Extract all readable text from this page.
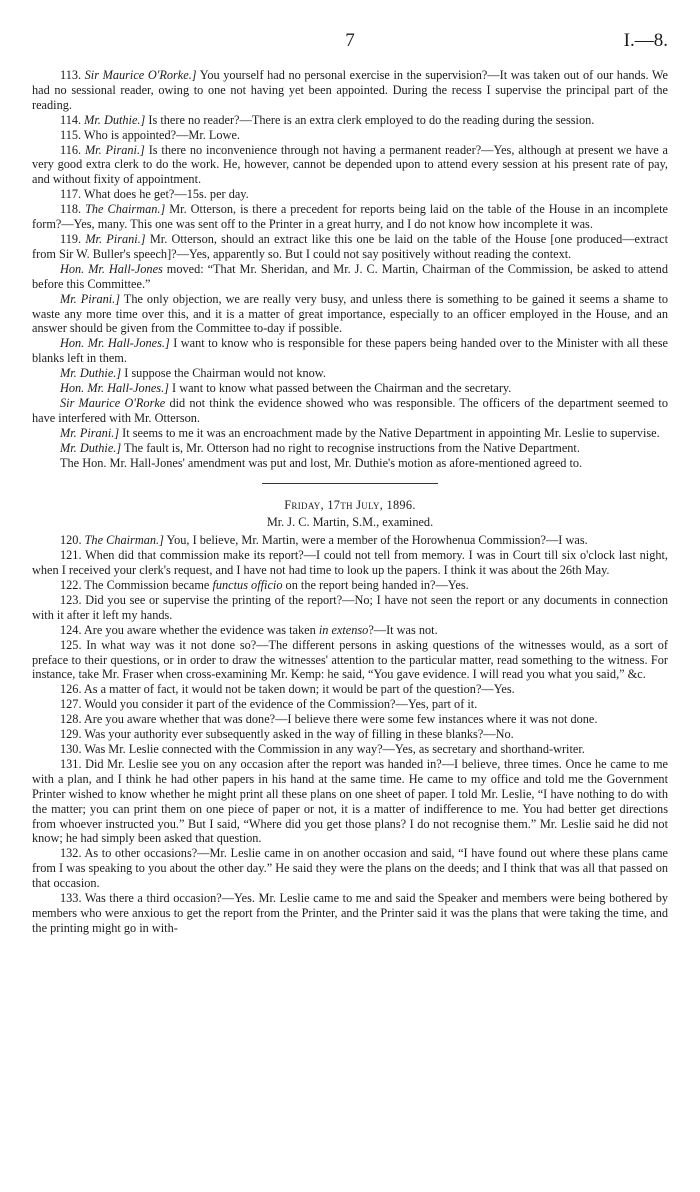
7	I.—8.

113. Sir Maurice O'Rorke.] You yourself had no personal exercise in the supervision?—It was taken out of our hands. We had no sessional reader, owing to one not having yet been appointed. During the recess I supervise the principal part of the reading.

114. Mr. Duthie.] Is there no reader?—There is an extra clerk employed to do the reading during the session.

115. Who is appointed?—Mr. Lowe.

116. Mr. Pirani.] Is there no inconvenience through not having a permanent reader?—Yes, although at present we have a very good extra clerk to do the work. He, however, cannot be depended upon to attend every session at his present rate of pay, and without fixity of appointment.

117. What does he get?—15s. per day.

118. The Chairman.] Mr. Otterson, is there a precedent for reports being laid on the table of the House in an incomplete form?—Yes, many. This one was sent off to the Printer in a great hurry, and I do not know how incomplete it was.

119. Mr. Pirani.] Mr. Otterson, should an extract like this one be laid on the table of the House [one produced—extract from Sir W. Buller's speech]?—Yes, apparently so. But I could not say positively without reading the context.

Hon. Mr. Hall-Jones moved: “That Mr. Sheridan, and Mr. J. C. Martin, Chairman of the Commission, be asked to attend before this Committee.”

Mr. Pirani.] The only objection, we are really very busy, and unless there is something to be gained it seems a shame to waste any more time over this, and it is a matter of great importance, especially to an officer employed in the House, and an answer should be given from the Committee to-day if possible.

Hon. Mr. Hall-Jones.] I want to know who is responsible for these papers being handed over to the Minister with all these blanks left in them.

Mr. Duthie.] I suppose the Chairman would not know.

Hon. Mr. Hall-Jones.] I want to know what passed between the Chairman and the secretary.

Sir Maurice O'Rorke did not think the evidence showed who was responsible. The officers of the department seemed to have interfered with Mr. Otterson.

Mr. Pirani.] It seems to me it was an encroachment made by the Native Department in appointing Mr. Leslie to supervise.

Mr. Duthie.] The fault is, Mr. Otterson had no right to recognise instructions from the Native Department.

The Hon. Mr. Hall-Jones' amendment was put and lost, Mr. Duthie's motion as afore-mentioned agreed to.

Friday, 17th July, 1896.

Mr. J. C. Martin, S.M., examined.

120. The Chairman.] You, I believe, Mr. Martin, were a member of the Horowhenua Commission?—I was.

121. When did that commission make its report?—I could not tell from memory. I was in Court till six o'clock last night, when I received your clerk's request, and I have not had time to look up the papers. I think it was about the 26th May.

122. The Commission became functus officio on the report being handed in?—Yes.

123. Did you see or supervise the printing of the report?—No; I have not seen the report or any documents in connection with it after it left my hands.

124. Are you aware whether the evidence was taken in extenso?—It was not.

125. In what way was it not done so?—The different persons in asking questions of the witnesses would, as a sort of preface to their questions, or in order to draw the witnesses' attention to the particular matter, read something to the witness. For instance, take Mr. Fraser when cross-examining Mr. Kemp: he said, “You gave evidence. I will read you what you said,” &c.

126. As a matter of fact, it would not be taken down; it would be part of the question?—Yes.

127. Would you consider it part of the evidence of the Commission?—Yes, part of it.

128. Are you aware whether that was done?—I believe there were some few instances where it was not done.

129. Was your authority ever subsequently asked in the way of filling in these blanks?—No.

130. Was Mr. Leslie connected with the Commission in any way?—Yes, as secretary and shorthand-writer.

131. Did Mr. Leslie see you on any occasion after the report was handed in?—I believe, three times. Once he came to me with a plan, and I think he had other papers in his hand at the same time. He came to my office and told me the Government Printer wished to know whether he might print all these plans on one sheet of paper. I told Mr. Leslie, “I have nothing to do with the matter; you can print them on one piece of paper or not, it is a matter of indifference to me. You had better get directions from whoever instructed you.” But I said, “Where did you get those plans? I do not recognise them.” Mr. Leslie said he did not know; he had simply been asked that question.

132. As to other occasions?—Mr. Leslie came in on another occasion and said, “I have found out where these plans came from I was speaking to you about the other day.” He said they were the plans on the deeds; and I think that was all that passed on that occasion.

133. Was there a third occasion?—Yes. Mr. Leslie came to me and said the Speaker and members were being bothered by members who were anxious to get the report from the Printer, and the Printer said it was the plans that were taking the time, and the printing might go in with-
